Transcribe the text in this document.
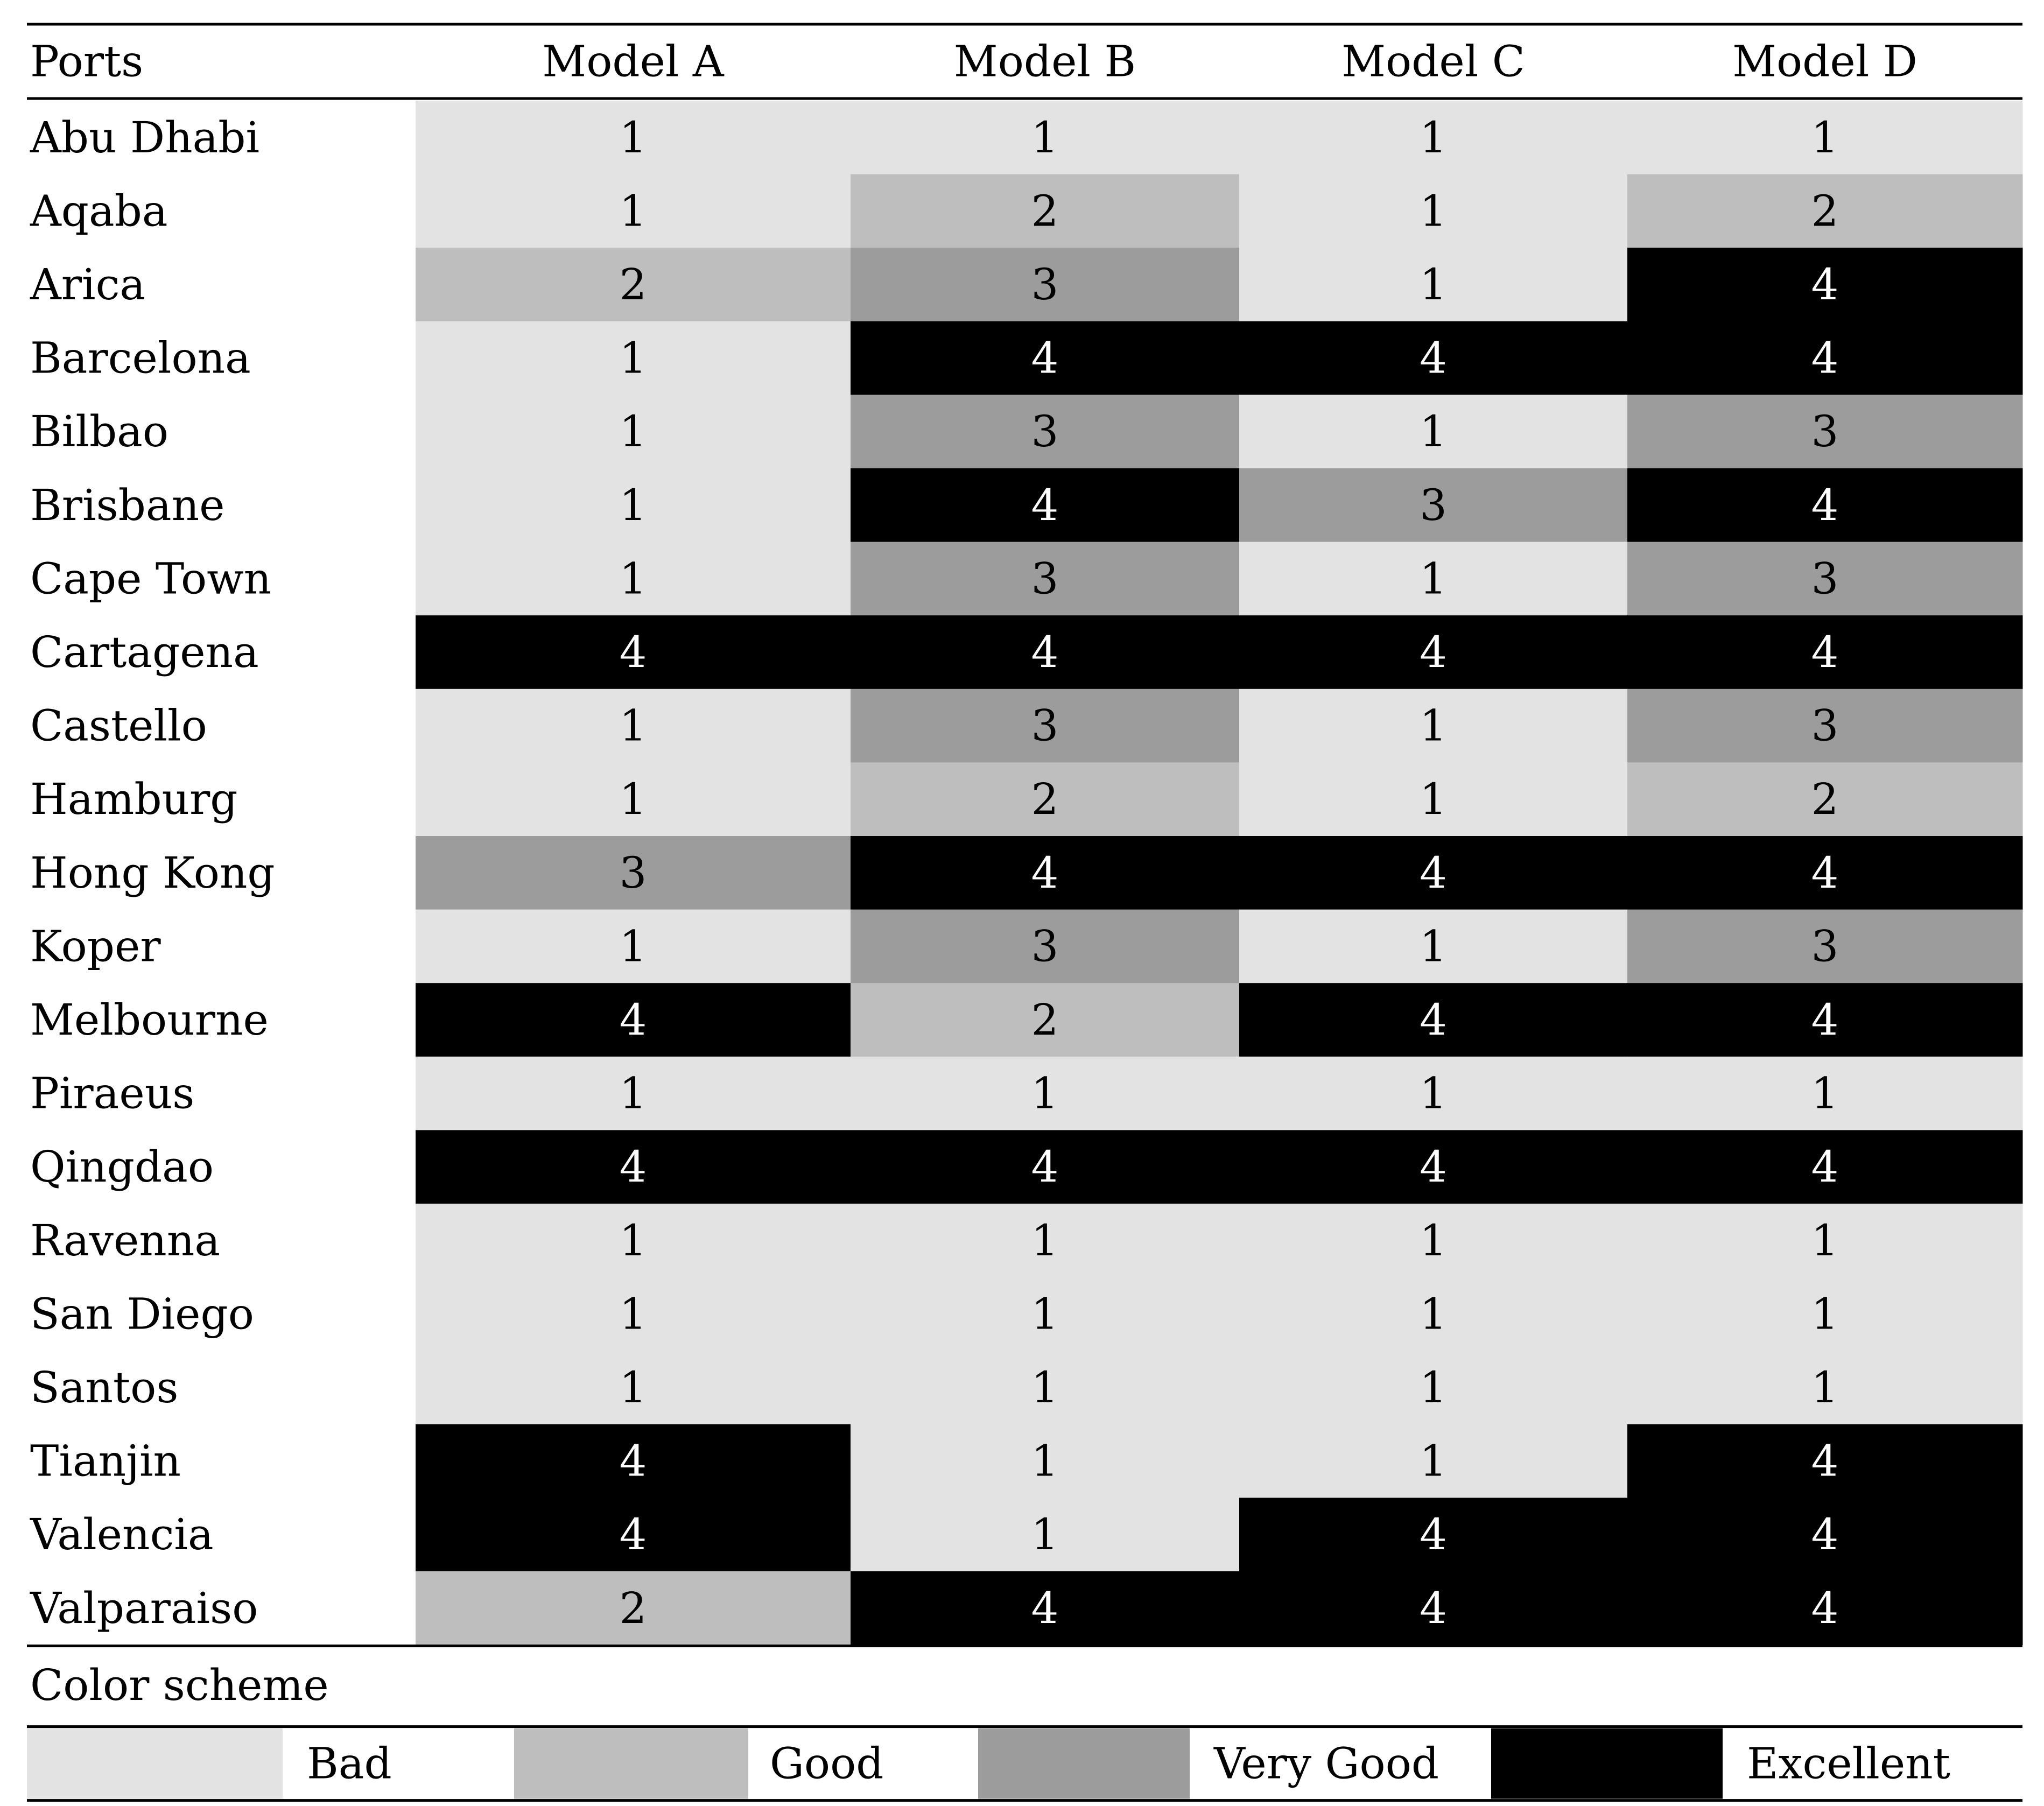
Ports	Model A	Model B	Model C	Model D
Abu Dhabi	1	1	1	1
Aqaba	1	2	1	2
Arica	2	3	1	4
Barcelona	1	4	4	4
Bilbao	1	3	1	3
Brisbane	1	4	3	4
Cape Town	1	3	1	3
Cartagena	4	4	4	4
Castello	1	3	1	3
Hamburg	1	2	1	2
Hong Kong	3	4	4	4
Koper	1	3	1	3
Melbourne	4	2	4	4
Piraeus	1	1	1	1
Qingdao	4	4	4	4
Ravenna	1	1	1	1
San Diego	1	1	1	1
Santos	1	1	1	1
Tianjin	4	1	1	4
Valencia	4	1	4	4
Valparaiso	2	4	4	4
Color scheme
Bad	Good	Very Good	Excellent
